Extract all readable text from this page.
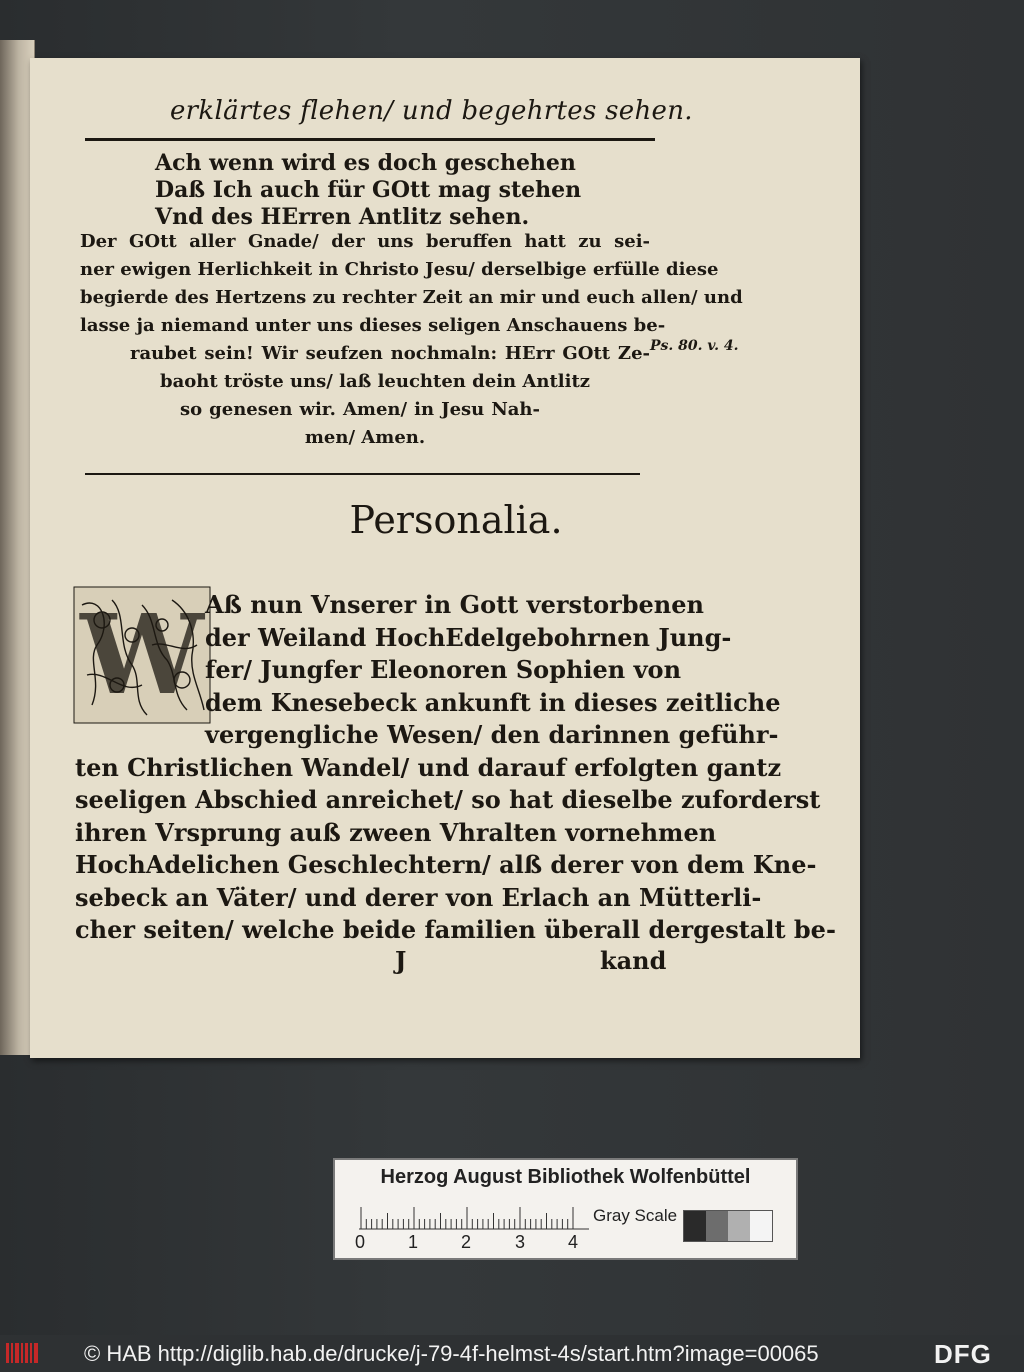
erklärtes flehen/ und begehrtes sehen.
Ach wenn wird es doch geschehen
Daß Ich auch für GOtt mag stehen
Vnd des HErren Antlitz sehen.
Der GOtt aller Gnade/ der uns beruffen hatt zu sei-
ner ewigen Herlichkeit in Christo Jesu/ derselbige erfülle diese
begierde des Hertzens zu rechter Zeit an mir und euch allen/ und
lasse ja niemand unter uns dieses seligen Anschauens be-
raubet sein! Wir seufzen nochmaln: HErr GOtt Ze-
baoht tröste uns/ laß leuchten dein Antlitz
so genesen wir. Amen/ in Jesu Nah-
men/ Amen.
Ps. 80. v. 4.
Personalia.
W Aß nun Vnserer in Gott verstorbenen
der Weiland HochEdelgebohrnen Jung-
fer/ Jungfer Eleonoren Sophien von
dem Knesebeck ankunft in dieses zeitliche
vergengliche Wesen/ den darinnen geführ-
ten Christlichen Wandel/ und darauf erfolgten gantz
seeligen Abschied anreichet/ so hat dieselbe zuforderst
ihren Vrsprung auß zween Vhralten vornehmen
HochAdelichen Geschlechtern/ alß derer von dem Kne-
sebeck an Väter/ und derer von Erlach an Mütterli-
cher seiten/ welche beide familien überall dergestalt be-
J	kand
Herzog August Bibliothek Wolfenbüttel
0 1 2 3 4
Gray Scale
© HAB http://diglib.hab.de/drucke/j-79-4f-helmst-4s/start.htm?image=00065	DFG
